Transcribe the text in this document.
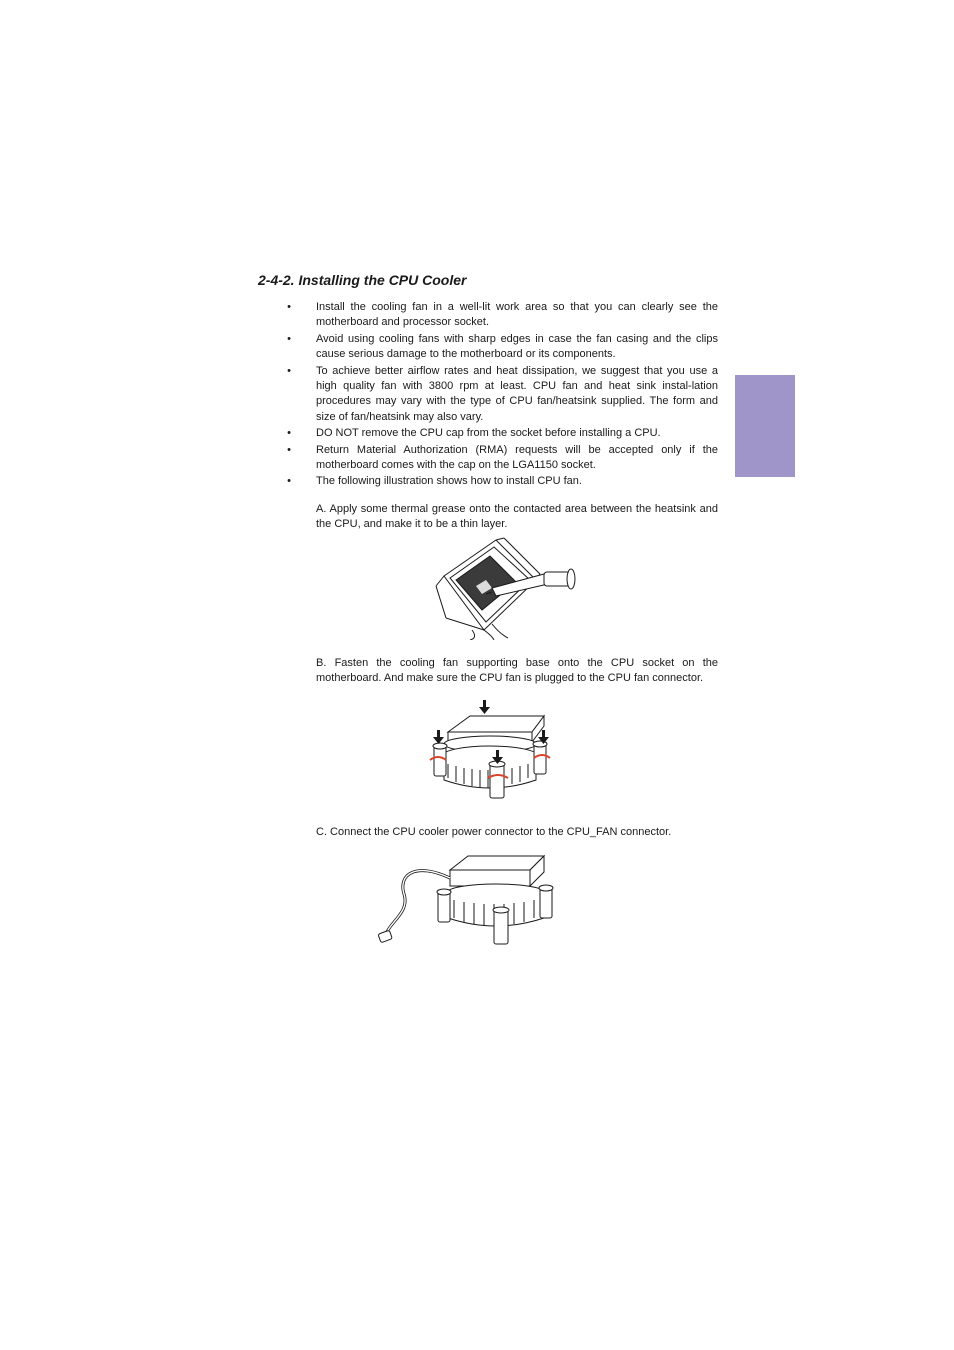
2-4-2. Installing the CPU Cooler
• Install the cooling fan in a well-lit work area so that you can clearly see the motherboard and processor socket.
• Avoid using cooling fans with sharp edges in case the fan casing and the clips cause serious damage to the motherboard or its components.
• To achieve better airflow rates and heat dissipation, we suggest that you use a high quality fan with 3800 rpm at least. CPU fan and heat sink instal-lation procedures may vary with the type of CPU fan/heatsink supplied. The form and size of fan/heatsink may also vary.
• DO NOT remove the CPU cap from the socket before installing a CPU.
• Return Material Authorization (RMA) requests will be accepted only if the motherboard comes with the cap on the LGA1150 socket.
• The following illustration shows how to install CPU fan.
A. Apply some thermal grease onto the contacted area between the heatsink and the CPU, and make it to be a thin layer.
B. Fasten the cooling fan supporting base onto the CPU socket on the motherboard. And make sure the CPU fan is plugged to the CPU fan connector.
C. Connect the CPU cooler power connector to the CPU_FAN connector.
